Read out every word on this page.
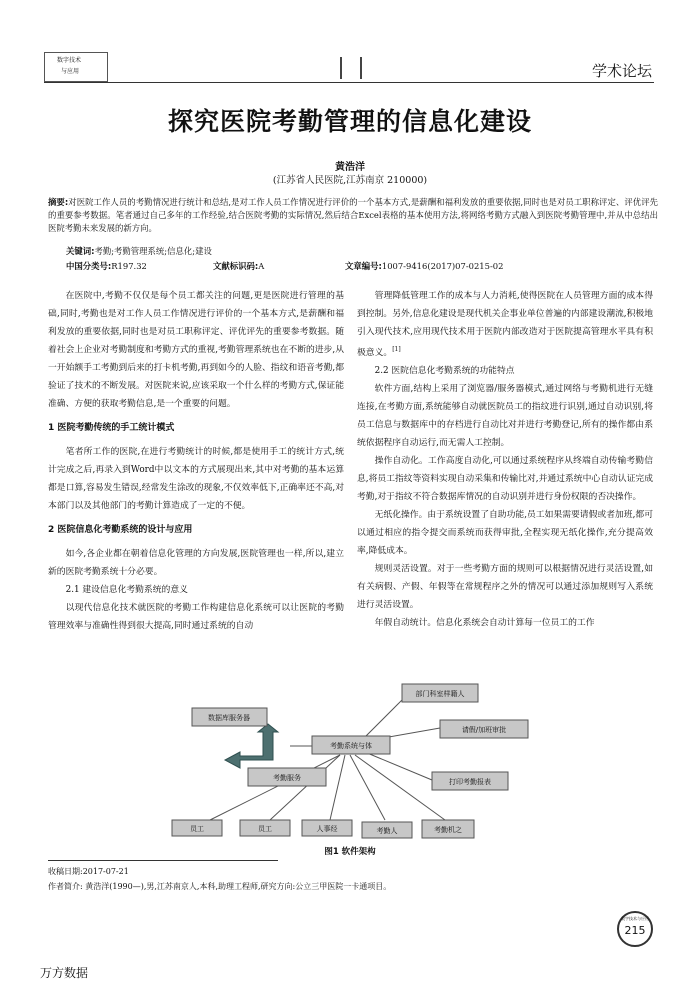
数字技术
与应用	学术论坛
探究医院考勤管理的信息化建设
黄浩洋
(江苏省人民医院,江苏南京 210000)
摘要:对医院工作人员的考勤情况进行统计和总结,是对工作人员工作情况进行评价的一个基本方式,是薪酬和福利发放的重要依据,同时也是对员工职称评定、评优评先的重要参考数据。笔者通过自己多年的工作经验,结合医院考勤的实际情况,然后结合Excel表格的基本使用方法,将网络考勤方式融入到医院考勤管理中,并从中总结出医院考勤未来发展的新方向。
关键词:考勤;考勤管理系统;信息化;建设
中国分类号:R197.32	文献标识码:A	文章编号:1007-9416(2017)07-0215-02

在医院中,考勤不仅仅是每个员工都关注的问题,更是医院进行管理的基础,同时,考勤也是对工作人员工作情况进行评价的一个基本方式,是薪酬和福利发放的重要依据,同时也是对员工职称评定、评优评先的重要参考数据。随着社会上企业对考勤制度和考勤方式的重视,考勤管理系统也在不断的进步,从一开始额手工考勤到后来的打卡机考勤,再到如今的人脸、指纹和语音考勤,都验证了技术的不断发展。对医院来说,应该采取一个什么样的考勤方式,保证能准确、方便的获取考勤信息,是一个重要的问题。

1 医院考勤传统的手工统计模式

笔者所工作的医院,在进行考勤统计的时候,都是使用手工的统计方式,统计完成之后,再录入到Word中以文本的方式展现出来,其中对考勤的基本运算都是口算,容易发生错误,经常发生涂改的现象,不仅效率低下,正确率还不高,对本部门以及其他部门的考勤计算造成了一定的不便。

2 医院信息化考勤系统的设计与应用

如今,各企业都在朝着信息化管理的方向发展,医院管理也一样,所以,建立新的医院考勤系统十分必要。

2.1 建设信息化考勤系统的意义

以现代信息化技术就医院的考勤工作构建信息化系统可以让医院的考勤管理效率与准确性得到很大提高,同时通过系统的自动

管理降低管理工作的成本与人力消耗,使得医院在人员管理方面的成本得到控制。另外,信息化建设是现代机关企事业单位普遍的内部建设潮流,积极地引入现代技术,应用现代技术用于医院内部改造对于医院提高管理水平具有积极意义。[1]

2.2 医院信息化考勤系统的功能特点

软件方面,结构上采用了浏览器/服务器模式,通过网络与考勤机进行无缝连接,在考勤方面,系统能够自动就医院员工的指纹进行识别,通过自动识别,将员工信息与数据库中的存档进行自动比对并进行考勤登记,所有的操作都由系统依据程序自动运行,而无需人工控制。

操作自动化。工作高度自动化,可以通过系统程序从终端自动传输考勤信息,将员工指纹等资料实现自动采集和传输比对,并通过系统中心自动认证完成考勤,对于指纹不符合数据库情况的自动识别并进行身份权限的否决操作。

无纸化操作。由于系统设置了自助功能,员工如果需要请假或者加班,都可以通过相应的指令提交而系统而获得审批,全程实现无纸化操作,充分提高效率,降低成本。

规则灵活设置。对于一些考勤方面的规则可以根据情况进行灵活设置,如有关病假、产假、年假等在常规程序之外的情况可以通过添加规则写入系统进行灵活设置。

年假自动统计。信息化系统会自动计算每一位员工的工作

数据库服务器
考勤系统与体
考勤服务
部门科室样籍人
请假/加班审批
打印考勤报表
员工	员工	人事经	考勤人	考勤机之
图1 软件架构
收稿日期:2017-07-21
作者简介: 黄浩洋(1990—),男,江苏南京人,本科,助理工程师,研究方向:公立三甲医院一卡通项目。
数字技术与应用
215
万方数据
